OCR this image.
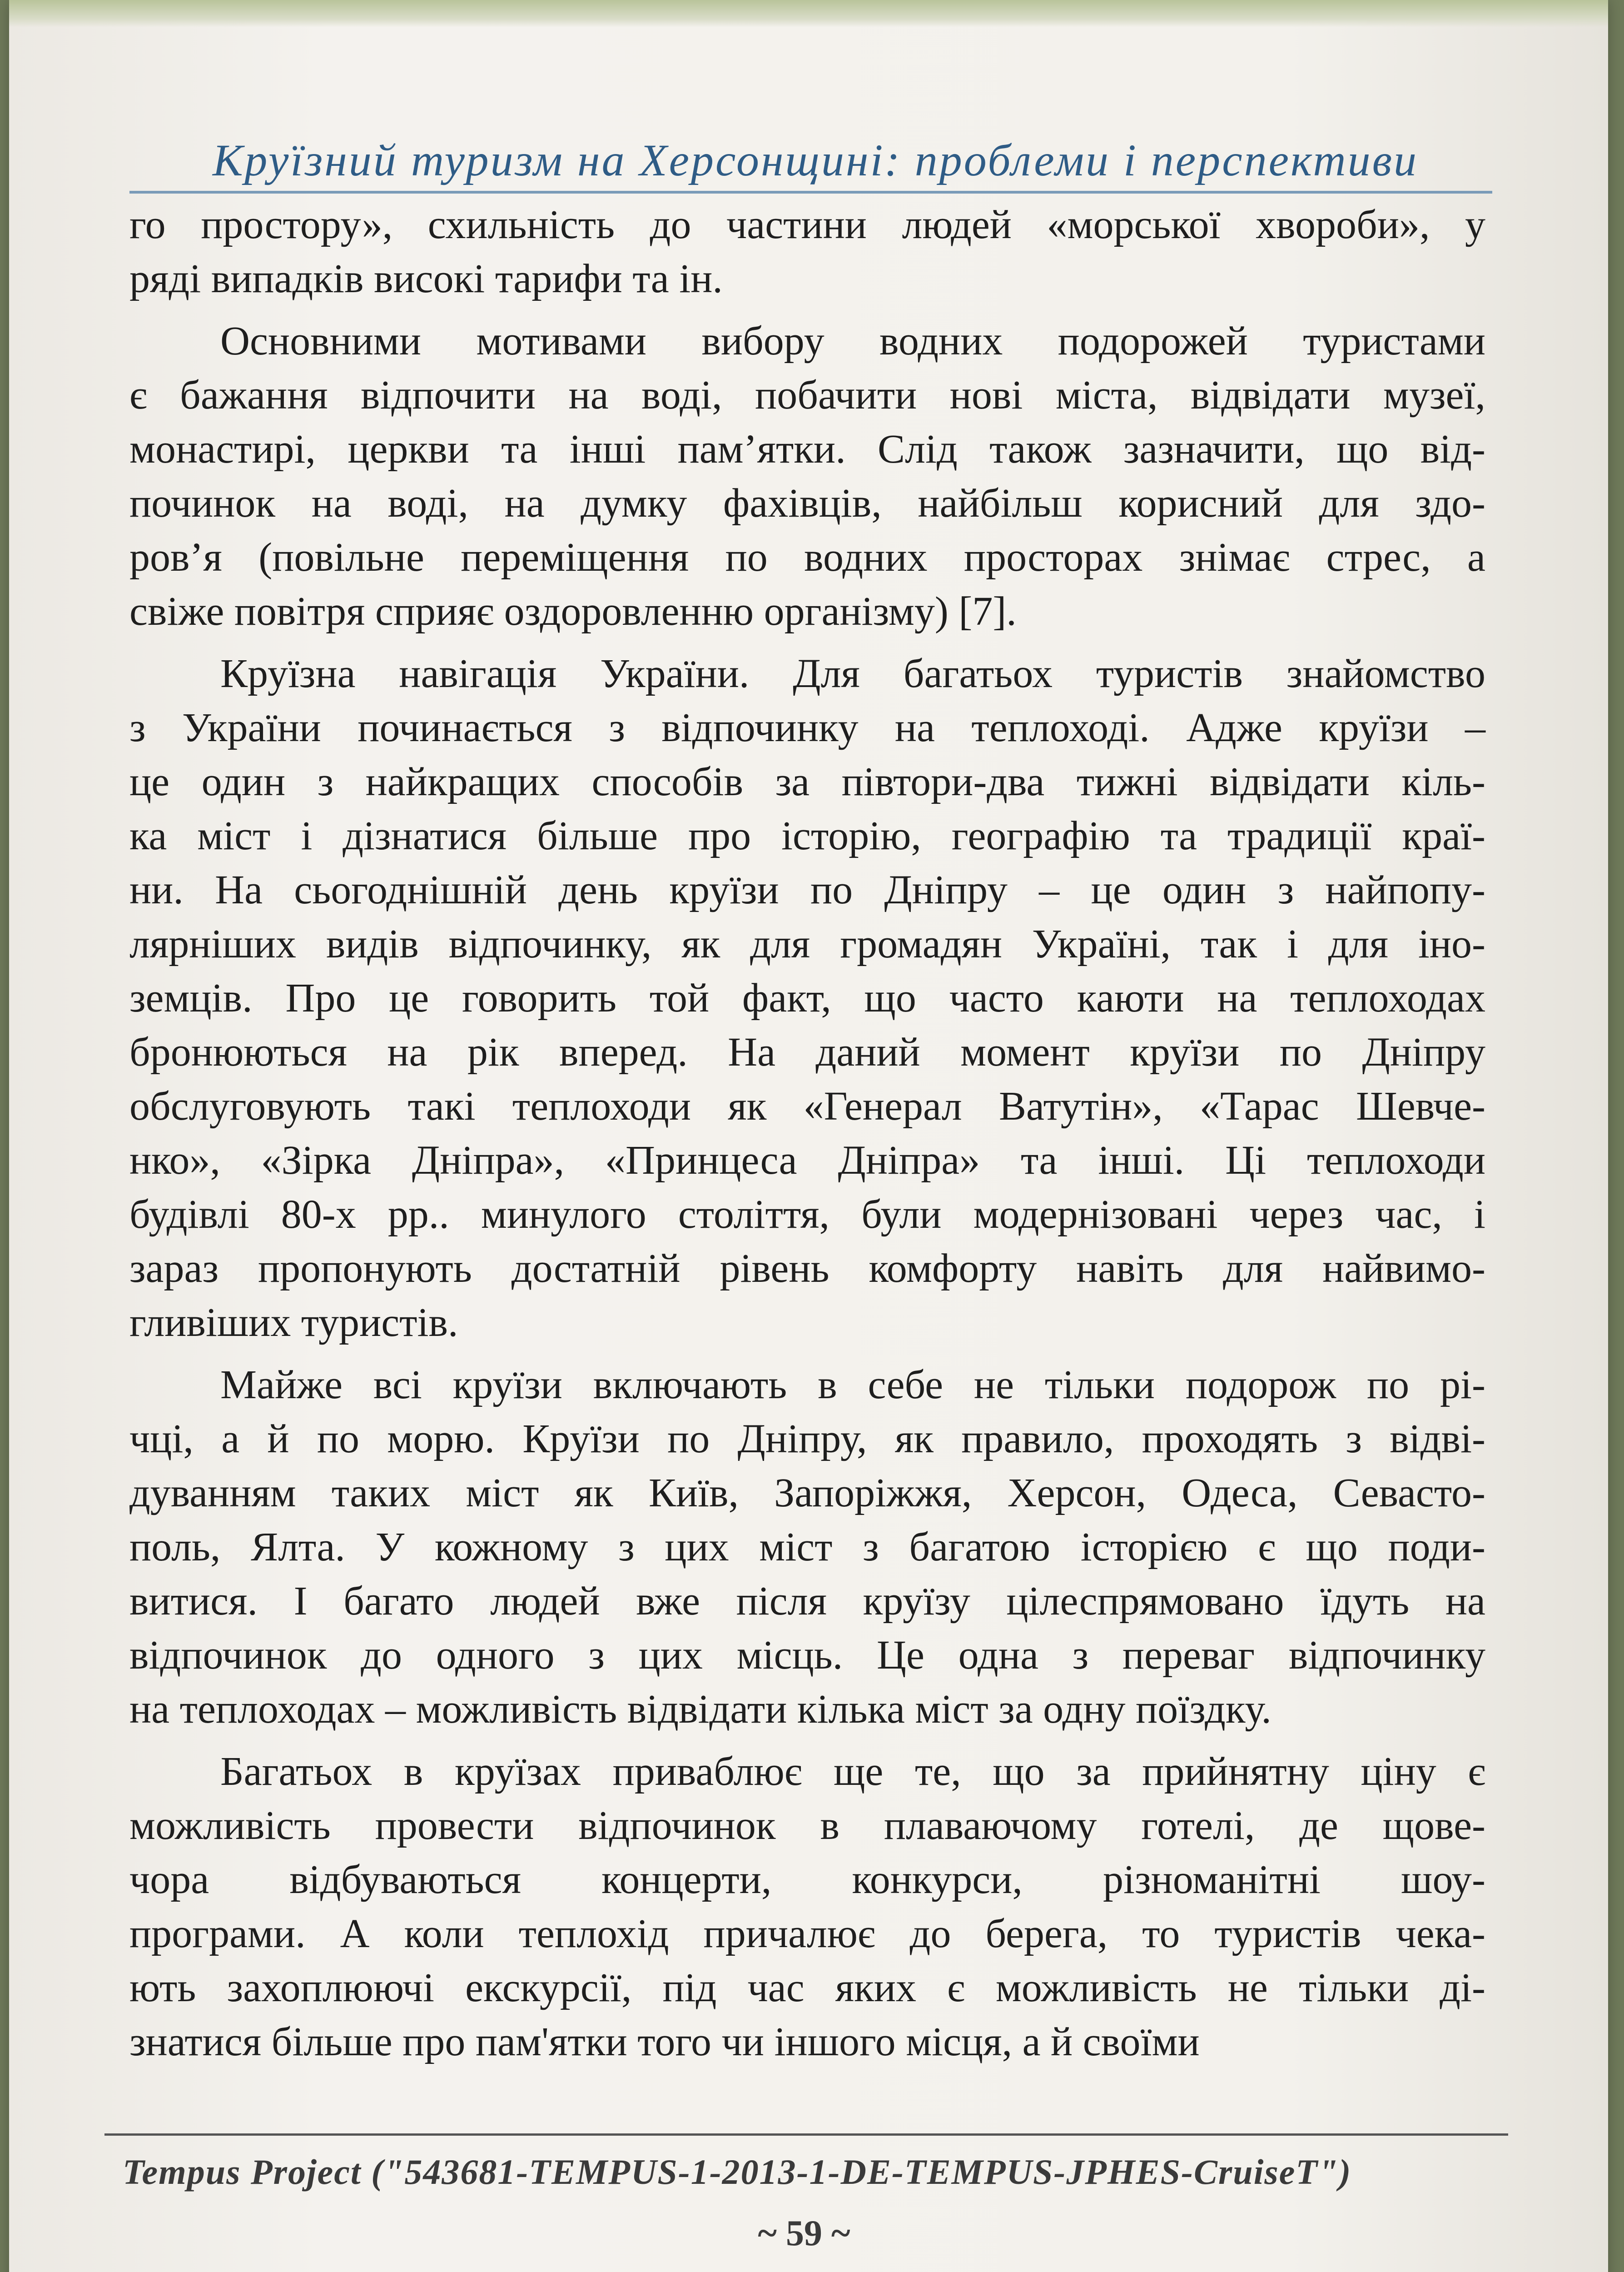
Круїзний туризм на Херсонщині: проблеми і перспективи
го простору», схильність до частини людей «морської хвороби», у
ряді випадків високі тарифи та ін.
Основними мотивами вибору водних подорожей туристами
є бажання відпочити на воді, побачити нові міста, відвідати музеї,
монастирі, церкви та інші пам’ятки. Слід також зазначити, що від-
починок на воді, на думку фахівців, найбільш корисний для здо-
ров’я (повільне переміщення по водних просторах знімає стрес, а
свіже повітря сприяє оздоровленню організму) [7].
Круїзна навігація України. Для багатьох туристів знайомство
з України починається з відпочинку на теплоході. Адже круїзи –
це один з найкращих способів за півтори-два тижні відвідати кіль-
ка міст і дізнатися більше про історію, географію та традиції краї-
ни. На сьогоднішній день круїзи по Дніпру – це один з найпопу-
лярніших видів відпочинку, як для громадян Україні, так і для іно-
земців. Про це говорить той факт, що часто каюти на теплоходах
бронюються на рік вперед. На даний момент круїзи по Дніпру
обслуговують такі теплоходи як «Генерал Ватутін», «Тарас Шевче-
нко», «Зірка Дніпра», «Принцеса Дніпра» та інші. Ці теплоходи
будівлі 80-х рр.. минулого століття, були модернізовані через час, і
зараз пропонують достатній рівень комфорту навіть для найвимо-
гливіших туристів.
Майже всі круїзи включають в себе не тільки подорож по рі-
чці, а й по морю. Круїзи по Дніпру, як правило, проходять з відві-
дуванням таких міст як Київ, Запоріжжя, Херсон, Одеса, Севасто-
поль, Ялта. У кожному з цих міст з багатою історією є що поди-
витися. І багато людей вже після круїзу цілеспрямовано їдуть на
відпочинок до одного з цих місць. Це одна з переваг відпочинку
на теплоходах – можливість відвідати кілька міст за одну поїздку.
Багатьох в круїзах приваблює ще те, що за прийнятну ціну є
можливість провести відпочинок в плаваючому готелі, де щове-
чора відбуваються концерти, конкурси, різноманітні шоу-
програми. А коли теплохід причалює до берега, то туристів чека-
ють захоплюючі екскурсії, під час яких є можливість не тільки ді-
знатися більше про пам'ятки того чи іншого місця, а й своїми
Tempus Project ("543681-TEMPUS-1-2013-1-DE-TEMPUS-JPHES-CruiseT")
~ 59 ~
